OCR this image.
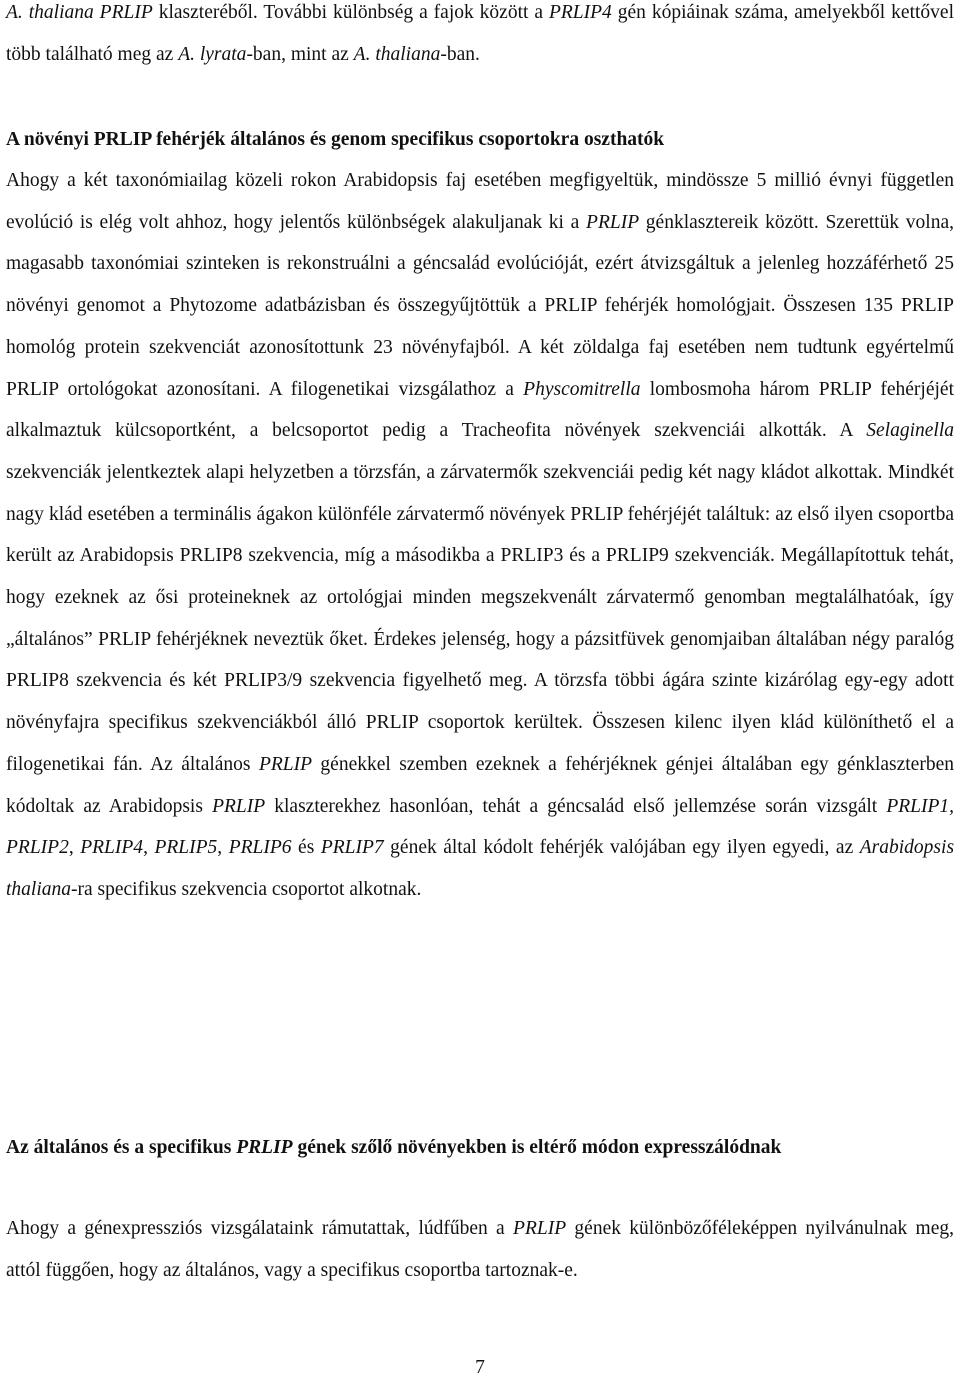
A. thaliana PRLIP klaszteréből. További különbség a fajok között a PRLIP4 gén kópiáinak száma, amelyekből kettővel több található meg az A. lyrata-ban, mint az A. thaliana-ban.

A növényi PRLIP fehérjék általános és genom specifikus csoportokra oszthatók

Ahogy a két taxonómiailag közeli rokon Arabidopsis faj esetében megfigyeltük, mindössze 5 millió évnyi független evolúció is elég volt ahhoz, hogy jelentős különbségek alakuljanak ki a PRLIP génklasztereik között. Szerettük volna, magasabb taxonómiai szinteken is rekonstruálni a géncsalád evolúcióját, ezért átvizsgáltuk a jelenleg hozzáférhető 25 növényi genomot a Phytozome adatbázisban és összegyűjtöttük a PRLIP fehérjék homológjait. Összesen 135 PRLIP homológ protein szekvenciát azonosítottunk 23 növényfajból. A két zöldalga faj esetében nem tudtunk egyértelmű PRLIP ortológokat azonosítani. A filogenetikai vizsgálathoz a Physcomitrella lombosmoha három PRLIP fehérjéjét alkalmaztuk külcsoportként, a belcsoportot pedig a Tracheofita növények szekvenciái alkották. A Selaginella szekvenciák jelentkeztek alapi helyzetben a törzsfán, a zárvatermők szekvenciái pedig két nagy kládot alkottak. Mindkét nagy klád esetében a terminális ágakon különféle zárvatermő növények PRLIP fehérjéjét találtuk: az első ilyen csoportba került az Arabidopsis PRLIP8 szekvencia, míg a másodikba a PRLIP3 és a PRLIP9 szekvenciák. Megállapítottuk tehát, hogy ezeknek az ősi proteineknek az ortológjai minden megszekvenált zárvatermő genomban megtalálhatóak, így „általános” PRLIP fehérjéknek neveztük őket. Érdekes jelenség, hogy a pázsitfüvek genomjaiban általában négy paralóg PRLIP8 szekvencia és két PRLIP3/9 szekvencia figyelhető meg. A törzsfa többi ágára szinte kizárólag egy-egy adott növényfajra specifikus szekvenciákból álló PRLIP csoportok kerültek. Összesen kilenc ilyen klád különíthető el a filogenetikai fán. Az általános PRLIP génekkel szemben ezeknek a fehérjéknek génjei általában egy génklaszterben kódoltak az Arabidopsis PRLIP klaszterekhez hasonlóan, tehát a géncsalád első jellemzése során vizsgált PRLIP1, PRLIP2, PRLIP4, PRLIP5, PRLIP6 és PRLIP7 gének által kódolt fehérjék valójában egy ilyen egyedi, az Arabidopsis thaliana-ra specifikus szekvencia csoportot alkotnak.

Az általános és a specifikus PRLIP gének szőlő növényekben is eltérő módon expresszálódnak

Ahogy a génexpressziós vizsgálataink rámutattak, lúdfűben a PRLIP gének különbözőféleképpen nyilvánulnak meg, attól függően, hogy az általános, vagy a specifikus csoportba tartoznak-e.

7
